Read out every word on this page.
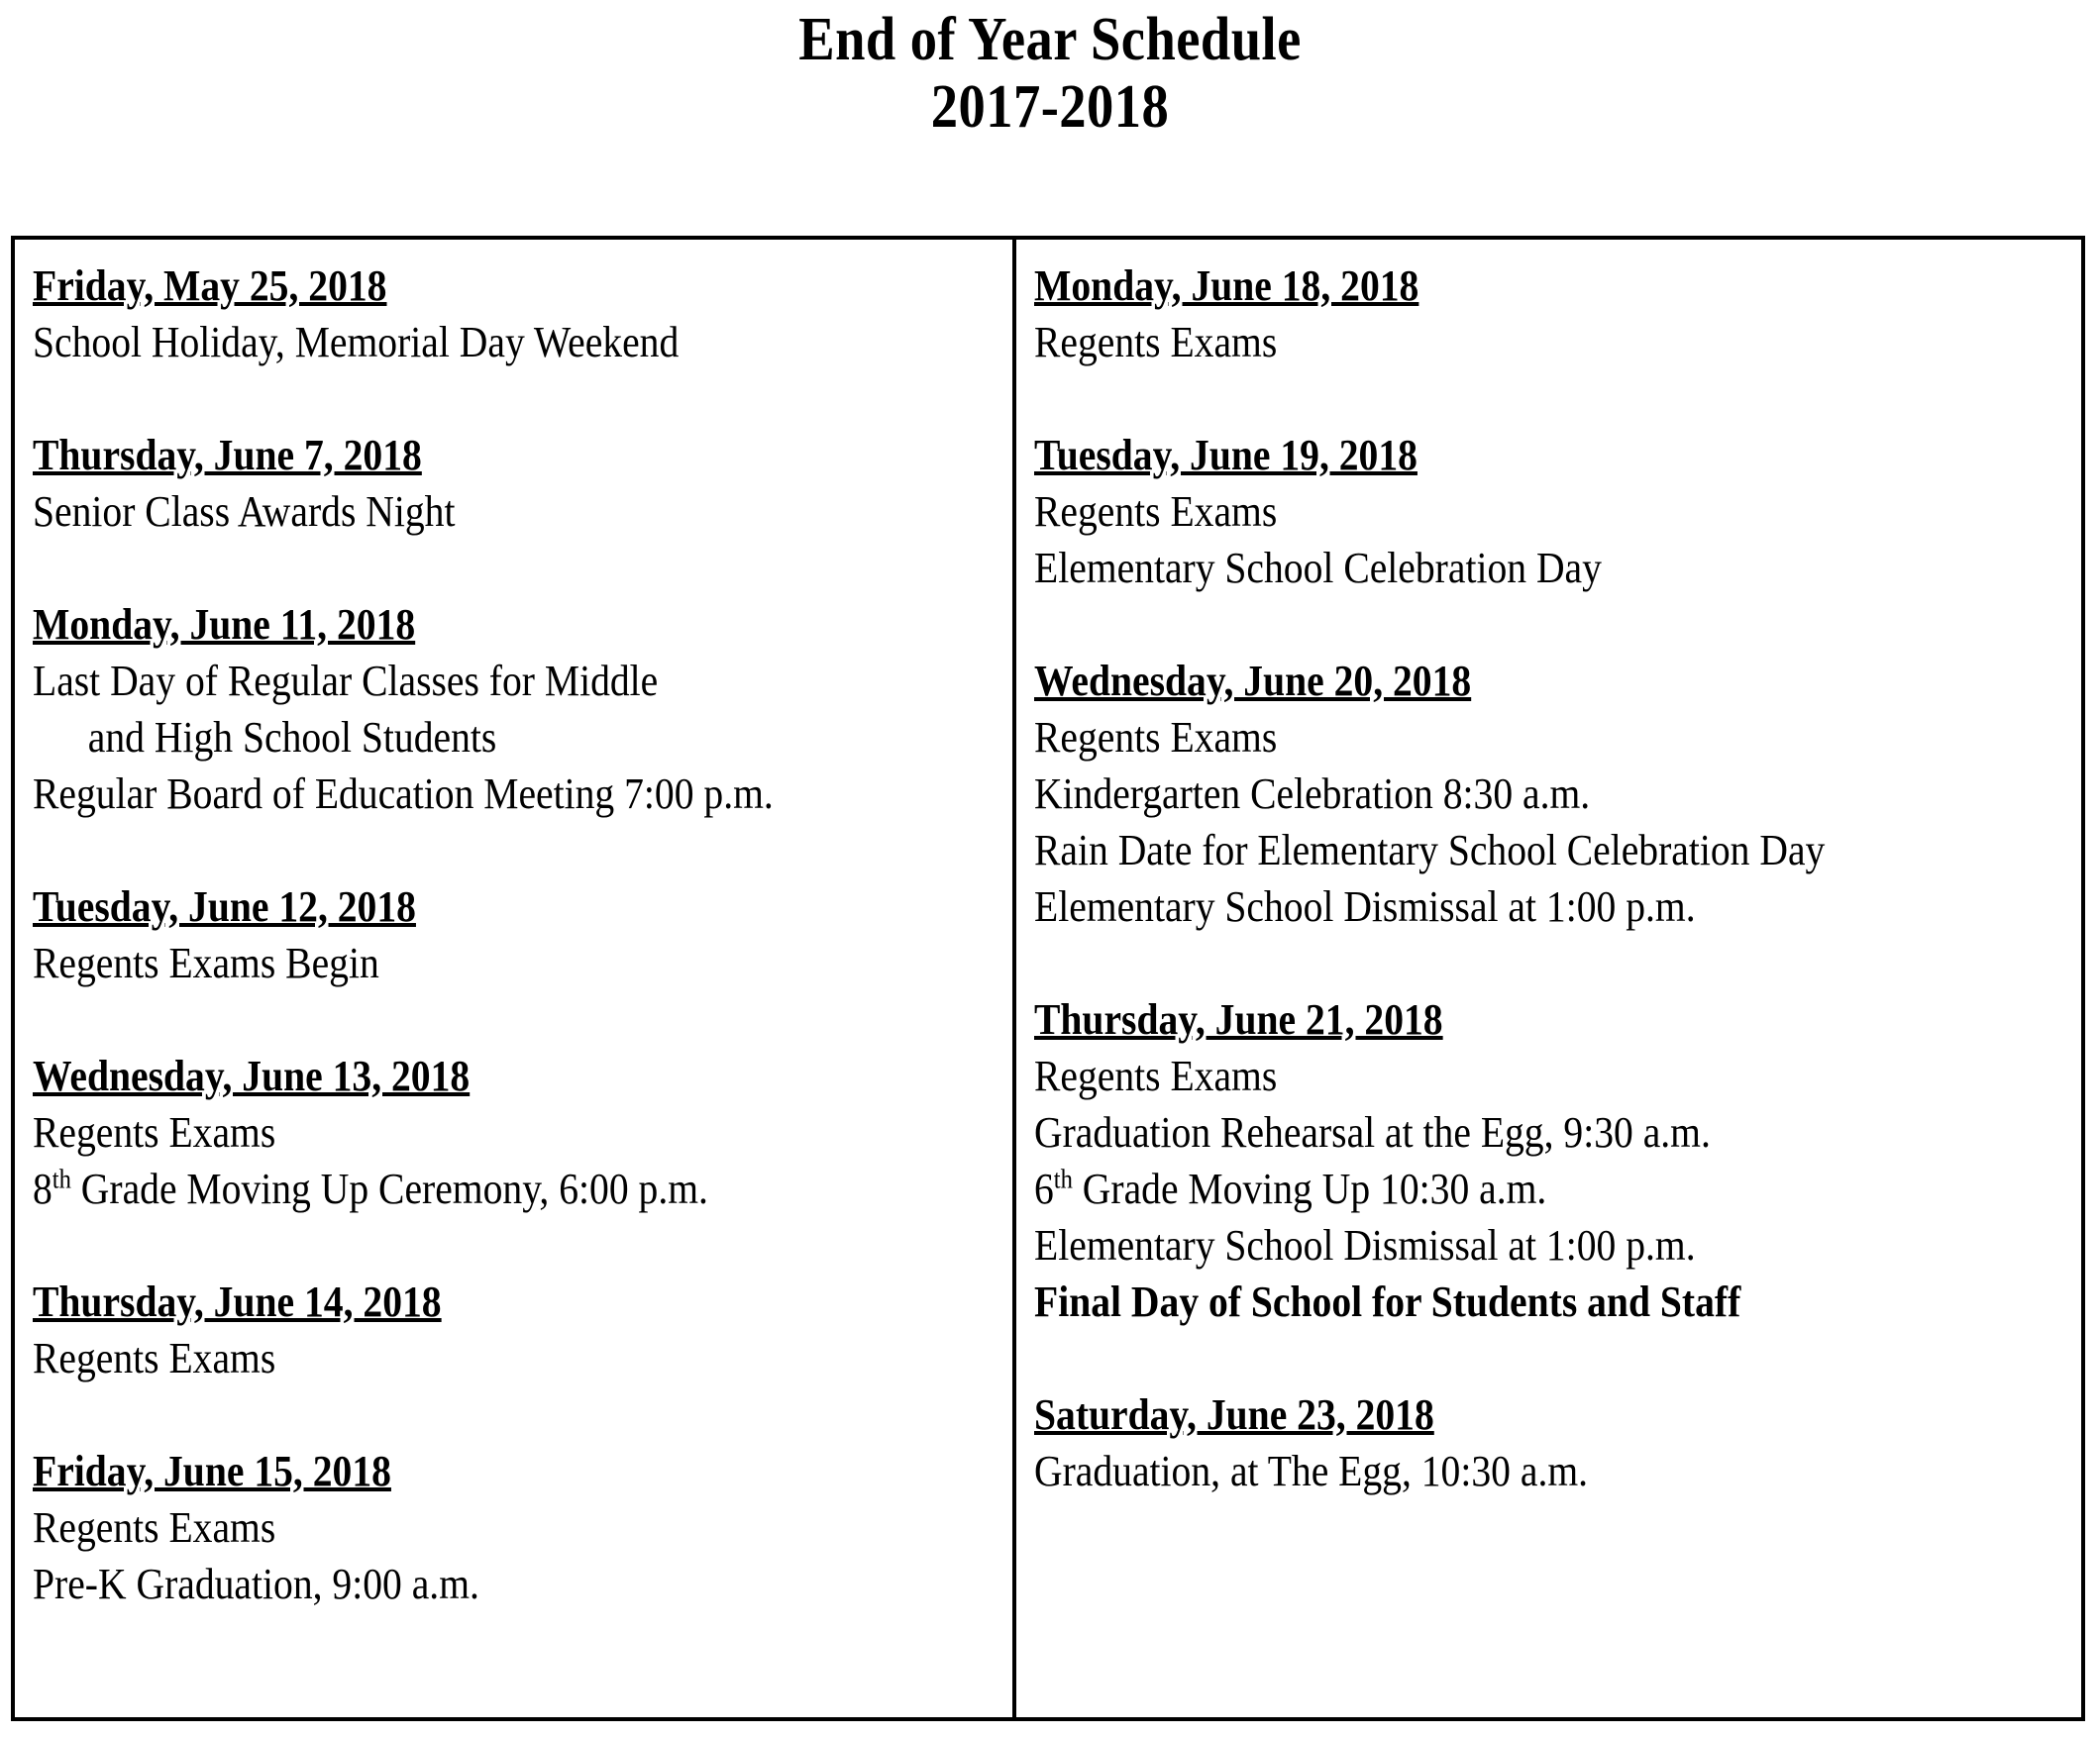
End of Year Schedule
2017-2018
Friday, May 25, 2018
School Holiday, Memorial Day Weekend
Thursday, June 7, 2018
Senior Class Awards Night
Monday, June 11, 2018
Last Day of Regular Classes for Middle
and High School Students
Regular Board of Education Meeting 7:00 p.m.
Tuesday, June 12, 2018
Regents Exams Begin
Wednesday, June 13, 2018
Regents Exams
8th Grade Moving Up Ceremony, 6:00 p.m.
Thursday, June 14, 2018
Regents Exams
Friday, June 15, 2018
Regents Exams
Pre-K Graduation, 9:00 a.m.
Monday, June 18, 2018
Regents Exams
Tuesday, June 19, 2018
Regents Exams
Elementary School Celebration Day
Wednesday, June 20, 2018
Regents Exams
Kindergarten Celebration 8:30 a.m.
Rain Date for Elementary School Celebration Day
Elementary School Dismissal at 1:00 p.m.
Thursday, June 21, 2018
Regents Exams
Graduation Rehearsal at the Egg, 9:30 a.m.
6th Grade Moving Up 10:30 a.m.
Elementary School Dismissal at 1:00 p.m.
Final Day of School for Students and Staff
Saturday, June 23, 2018
Graduation, at The Egg, 10:30 a.m.
